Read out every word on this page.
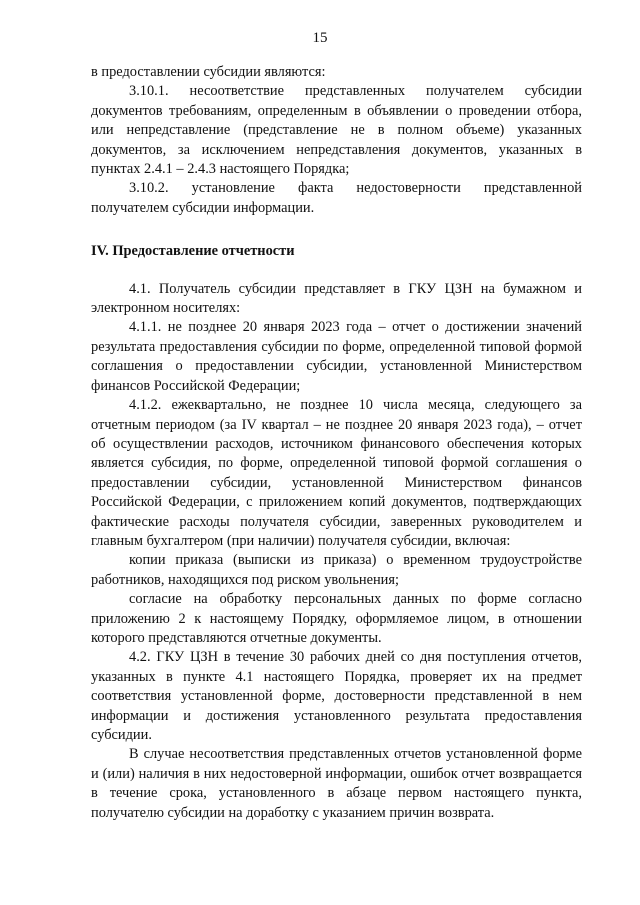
15

в предоставлении субсидии являются:

3.10.1. несоответствие представленных получателем субсидии документов требованиям, определенным в объявлении о проведении отбора, или непредставление (представление не в полном объеме) указанных документов, за исключением непредставления документов, указанных в пунктах 2.4.1 – 2.4.3 настоящего Порядка;

3.10.2. установление факта недостоверности представленной получателем субсидии информации.

IV. Предоставление отчетности

4.1. Получатель субсидии представляет в ГКУ ЦЗН на бумажном и электронном носителях:

4.1.1. не позднее 20 января 2023 года – отчет о достижении значений результата предоставления субсидии по форме, определенной типовой формой соглашения о предоставлении субсидии, установленной Министерством финансов Российской Федерации;

4.1.2. ежеквартально, не позднее 10 числа месяца, следующего за отчетным периодом (за IV квартал – не позднее 20 января 2023 года), – отчет об осуществлении расходов, источником финансового обеспечения которых является субсидия, по форме, определенной типовой формой соглашения о предоставлении субсидии, установленной Министерством финансов Российской Федерации, с приложением копий документов, подтверждающих фактические расходы получателя субсидии, заверенных руководителем и главным бухгалтером (при наличии) получателя субсидии, включая:

копии приказа (выписки из приказа) о временном трудоустройстве работников, находящихся под риском увольнения;

согласие на обработку персональных данных по форме согласно приложению 2 к настоящему Порядку, оформляемое лицом, в отношении которого представляются отчетные документы.

4.2. ГКУ ЦЗН в течение 30 рабочих дней со дня поступления отчетов, указанных в пункте 4.1 настоящего Порядка, проверяет их на предмет соответствия установленной форме, достоверности представленной в нем информации и достижения установленного результата предоставления субсидии.

В случае несоответствия представленных отчетов установленной форме и (или) наличия в них недостоверной информации, ошибок отчет возвращается в течение срока, установленного в абзаце первом настоящего пункта, получателю субсидии на доработку с указанием причин возврата.
